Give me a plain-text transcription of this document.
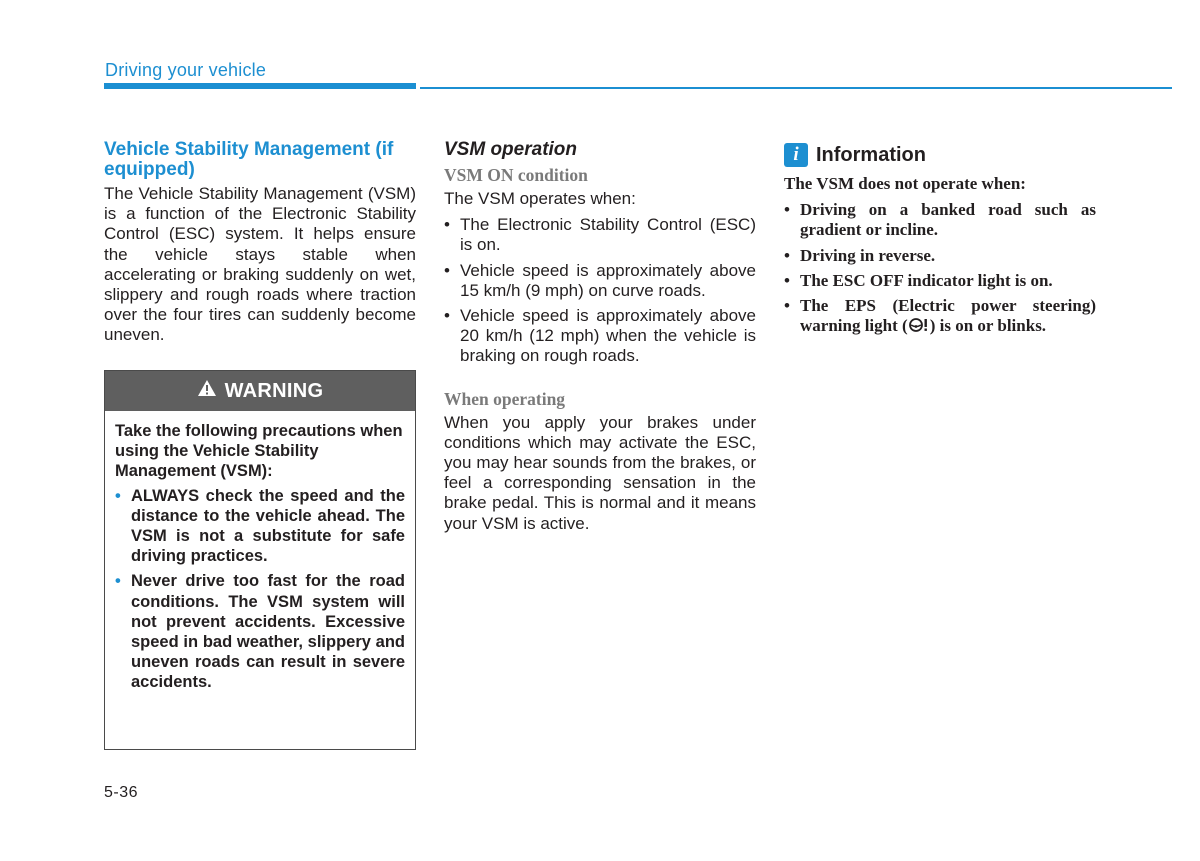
Driving your vehicle
Vehicle Stability Management (if equipped)

The Vehicle Stability Management (VSM) is a function of the Electronic Stability Control (ESC) system. It helps ensure the vehicle stays stable when accelerating or braking suddenly on wet, slippery and rough roads where traction over the four tires can suddenly become uneven.

WARNING

Take the following precautions when using the Vehicle Stability Management (VSM):

• ALWAYS check the speed and the distance to the vehicle ahead. The VSM is not a substitute for safe driving practices.
• Never drive too fast for the road conditions. The VSM system will not prevent accidents. Excessive speed in bad weather, slippery and uneven roads can result in severe accidents.
VSM operation
VSM ON condition

The VSM operates when:

• The Electronic Stability Control (ESC) is on.
• Vehicle speed is approximately above 15 km/h (9 mph) on curve roads.
• Vehicle speed is approximately above 20 km/h (12 mph) when the vehicle is braking on rough roads.
When operating

When you apply your brakes under conditions which may activate the ESC, you may hear sounds from the brakes, or feel a corresponding sensation in the brake pedal. This is normal and it means your VSM is active.

i Information

The VSM does not operate when:

• Driving on a banked road such as gradient or incline.
• Driving in reverse.
• The ESC OFF indicator light is on.
• The EPS (Electric power steering) warning light ( ) is on or blinks.
5-36
